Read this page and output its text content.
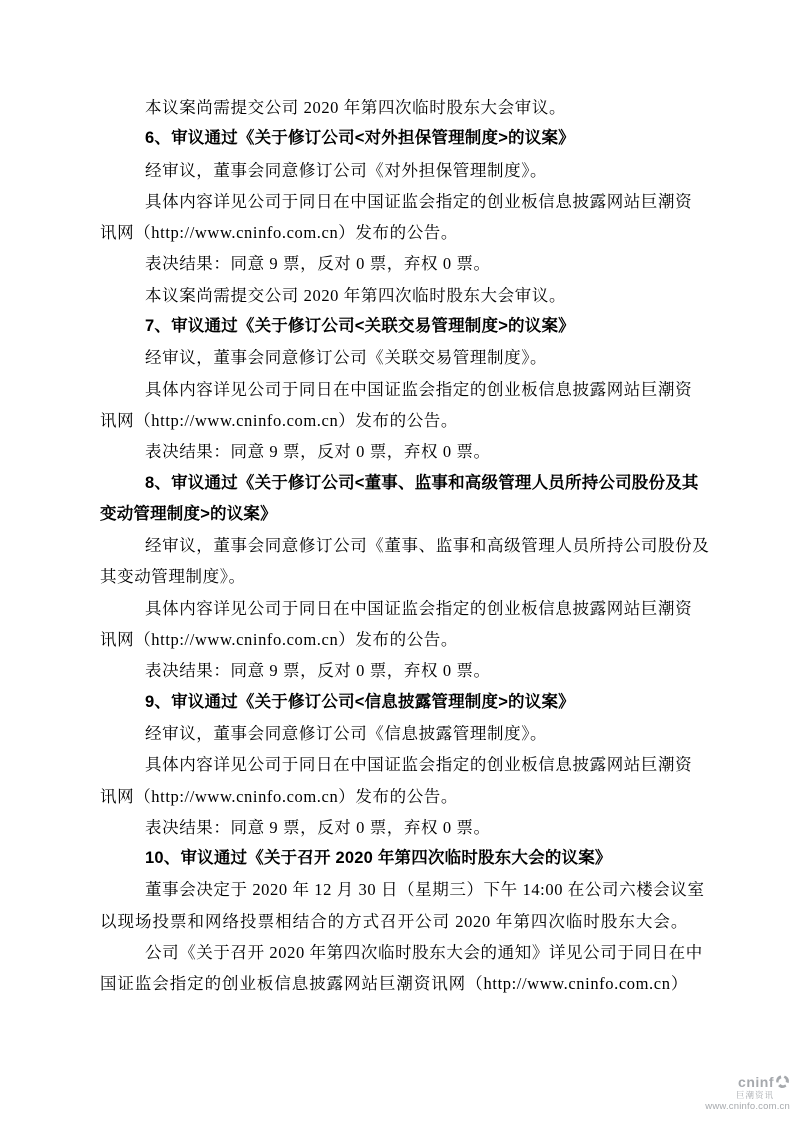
本议案尚需提交公司 2020 年第四次临时股东大会审议。
6、审议通过《关于修订公司<对外担保管理制度>的议案》
经审议，董事会同意修订公司《对外担保管理制度》。
具体内容详见公司于同日在中国证监会指定的创业板信息披露网站巨潮资
讯网（http://www.cninfo.com.cn）发布的公告。
表决结果：同意 9 票，反对 0 票，弃权 0 票。
本议案尚需提交公司 2020 年第四次临时股东大会审议。
7、审议通过《关于修订公司<关联交易管理制度>的议案》
经审议，董事会同意修订公司《关联交易管理制度》。
具体内容详见公司于同日在中国证监会指定的创业板信息披露网站巨潮资
讯网（http://www.cninfo.com.cn）发布的公告。
表决结果：同意 9 票，反对 0 票，弃权 0 票。
8、审议通过《关于修订公司<董事、监事和高级管理人员所持公司股份及其
变动管理制度>的议案》
经审议，董事会同意修订公司《董事、监事和高级管理人员所持公司股份及
其变动管理制度》。
具体内容详见公司于同日在中国证监会指定的创业板信息披露网站巨潮资
讯网（http://www.cninfo.com.cn）发布的公告。
表决结果：同意 9 票，反对 0 票，弃权 0 票。
9、审议通过《关于修订公司<信息披露管理制度>的议案》
经审议，董事会同意修订公司《信息披露管理制度》。
具体内容详见公司于同日在中国证监会指定的创业板信息披露网站巨潮资
讯网（http://www.cninfo.com.cn）发布的公告。
表决结果：同意 9 票，反对 0 票，弃权 0 票。
10、审议通过《关于召开 2020 年第四次临时股东大会的议案》
董事会决定于 2020 年 12 月 30 日（星期三）下午 14:00 在公司六楼会议室
以现场投票和网络投票相结合的方式召开公司 2020 年第四次临时股东大会。
公司《关于召开 2020 年第四次临时股东大会的通知》详见公司于同日在中
国证监会指定的创业板信息披露网站巨潮资讯网（http://www.cninfo.com.cn）
cninf
巨潮资讯
www.cninfo.com.cn
